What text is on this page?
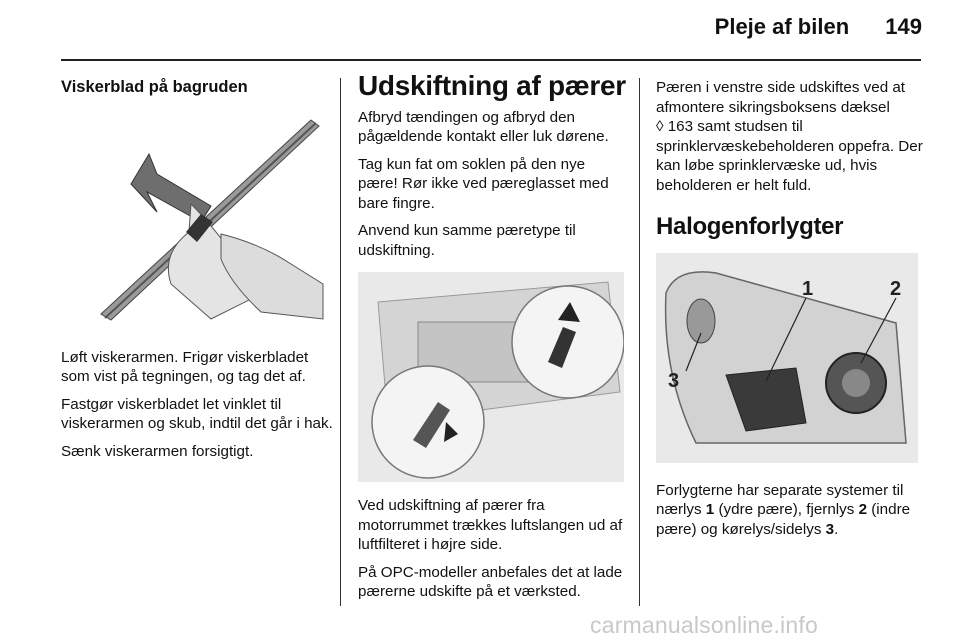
Pleje af bilen 149
Viskerblad på bagruden

Løft viskerarmen. Frigør viskerbladet som vist på tegningen, og tag det af.

Fastgør viskerbladet let vinklet til viskerarmen og skub, indtil det går i hak.

Sænk viskerarmen forsigtigt.

Udskiftning af pærer

Afbryd tændingen og afbryd den pågældende kontakt eller luk dørene.

Tag kun fat om soklen på den nye pære! Rør ikke ved pæreglasset med bare fingre.

Anvend kun samme pæretype til udskiftning.

Ved udskiftning af pærer fra motorrummet trækkes luftslangen ud af luftfilteret i højre side.

På OPC-modeller anbefales det at lade pærerne udskifte på et værksted.

Pæren i venstre side udskiftes ved at afmontere sikringsboksens dæksel
◊ 163 samt studsen til sprinklervæskebeholderen oppefra. Der kan løbe sprinklervæske ud, hvis beholderen er helt fuld.

Halogenforlygter
1	2
3

Forlygterne har separate systemer til nærlys 1 (ydre pære), fjernlys 2 (indre pære) og kørelys/sidelys 3.

carmanualsonline.info
